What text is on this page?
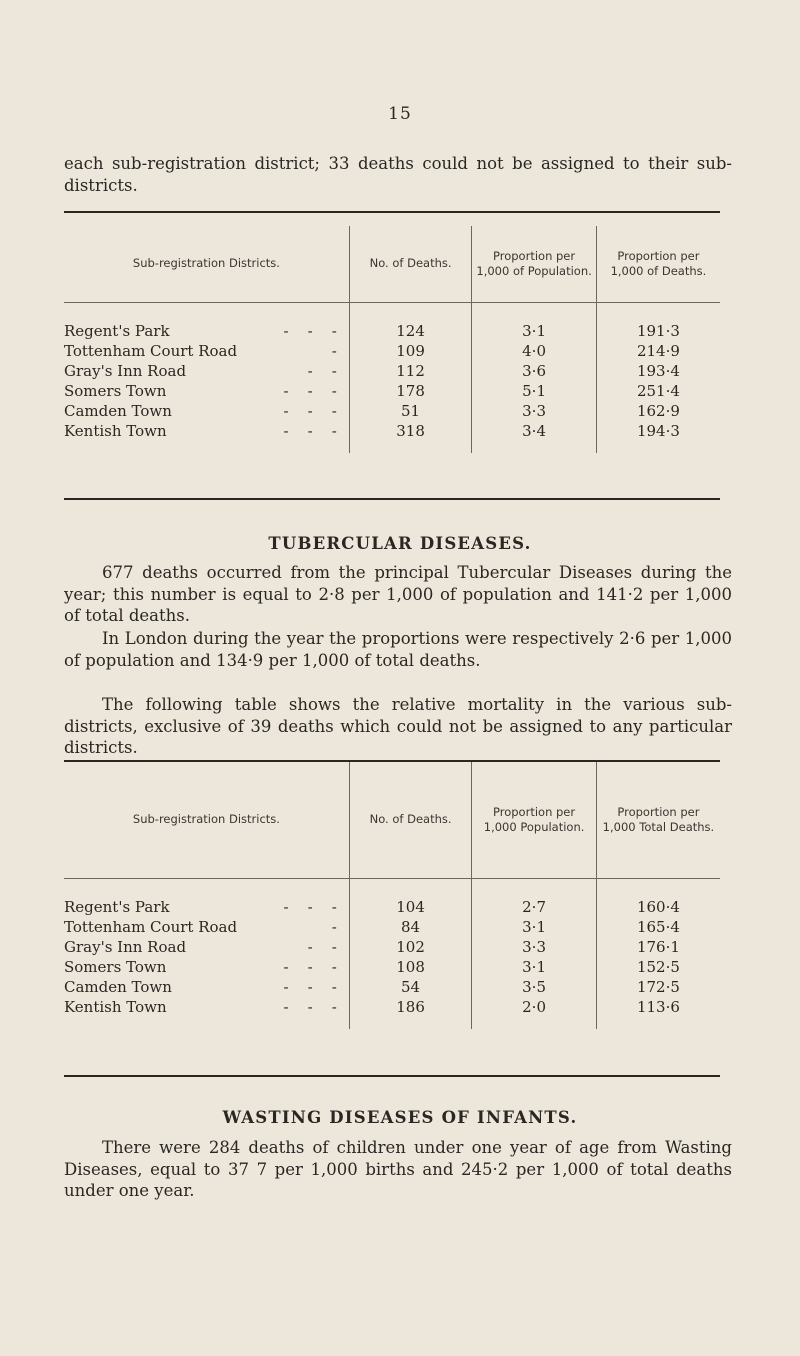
15

each sub-registration district; 33 deaths could not be assigned to their sub-districts.

Sub-registration Districts.	No. of Deaths.	Proportion per 1,000 of Population.	Proportion per 1,000 of Deaths.

Regent's Park -    -    -	124	3·1	191·3
Tottenham Court Road -	109	4·0	214·9
Gray's Inn Road -    -	112	3·6	193·4
Somers Town -    -    -	178	5·1	251·4
Camden Town -    -    -	51	3·3	162·9
Kentish Town -    -    -	318	3·4	194·3

TUBERCULAR DISEASES.

677 deaths occurred from the principal Tubercular Diseases during the year; this number is equal to 2·8 per 1,000 of population and 141·2 per 1,000 of total deaths.

In London during the year the proportions were respectively 2·6 per 1,000 of population and 134·9 per 1,000 of total deaths.

The following table shows the relative mortality in the various sub-districts, exclusive of 39 deaths which could not be assigned to any particular districts.

Sub-registration Districts.	No. of Deaths.	Proportion per 1,000 Population.	Proportion per 1,000 Total Deaths.

Regent's Park -    -    -	104	2·7	160·4
Tottenham Court Road -	84	3·1	165·4
Gray's Inn Road -    -	102	3·3	176·1
Somers Town -    -    -	108	3·1	152·5
Camden Town -    -    -	54	3·5	172·5
Kentish Town -    -    -	186	2·0	113·6

WASTING DISEASES OF INFANTS.

There were 284 deaths of children under one year of age from Wasting Diseases, equal to 37 7 per 1,000 births and 245·2 per 1,000 of total deaths under one year.
